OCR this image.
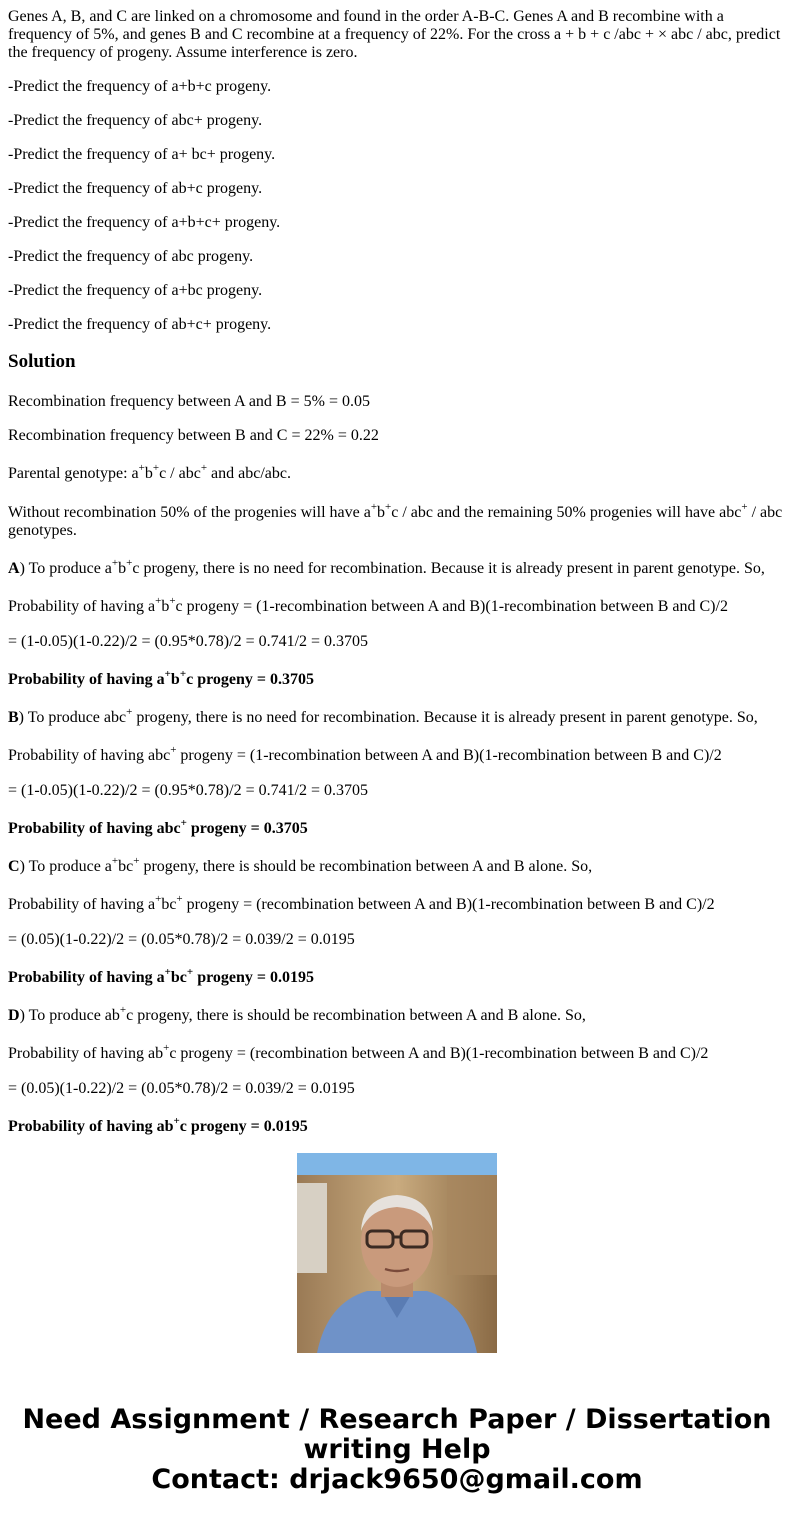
Genes A, B, and C are linked on a chromosome and found in the order A-B-C. Genes A and B recombine with a frequency of 5%, and genes B and C recombine at a frequency of 22%. For the cross a + b + c /abc + × abc / abc, predict the frequency of progeny. Assume interference is zero.

-Predict the frequency of a+b+c progeny.

-Predict the frequency of abc+ progeny.

-Predict the frequency of a+ bc+ progeny.

-Predict the frequency of ab+c progeny.

-Predict the frequency of a+b+c+ progeny.

-Predict the frequency of abc progeny.

-Predict the frequency of a+bc progeny.

-Predict the frequency of ab+c+ progeny.

Solution

Recombination frequency between A and B = 5% = 0.05

Recombination frequency between B and C = 22% = 0.22

Parental genotype: a+b+c / abc+ and abc/abc.

Without recombination 50% of the progenies will have a+b+c / abc and the remaining 50% progenies will have abc+ / abc genotypes.

A) To produce a+b+c progeny, there is no need for recombination. Because it is already present in parent genotype. So,

Probability of having a+b+c progeny = (1-recombination between A and B)(1-recombination between B and C)/2

= (1-0.05)(1-0.22)/2 = (0.95*0.78)/2 = 0.741/2 = 0.3705

Probability of having a+b+c progeny = 0.3705

B) To produce abc+ progeny, there is no need for recombination. Because it is already present in parent genotype. So,

Probability of having abc+ progeny = (1-recombination between A and B)(1-recombination between B and C)/2

= (1-0.05)(1-0.22)/2 = (0.95*0.78)/2 = 0.741/2 = 0.3705

Probability of having abc+ progeny = 0.3705

C) To produce a+bc+ progeny, there is should be recombination between A and B alone. So,

Probability of having a+bc+ progeny = (recombination between A and B)(1-recombination between B and C)/2

= (0.05)(1-0.22)/2 = (0.05*0.78)/2 = 0.039/2 = 0.0195

Probability of having a+bc+ progeny = 0.0195

D) To produce ab+c progeny, there is should be recombination between A and B alone. So,

Probability of having ab+c progeny = (recombination between A and B)(1-recombination between B and C)/2

= (0.05)(1-0.22)/2 = (0.05*0.78)/2 = 0.039/2 = 0.0195

Probability of having ab+c progeny = 0.0195

Need Assignment / Research Paper / Dissertation
writing Help
Contact: drjack9650@gmail.com
